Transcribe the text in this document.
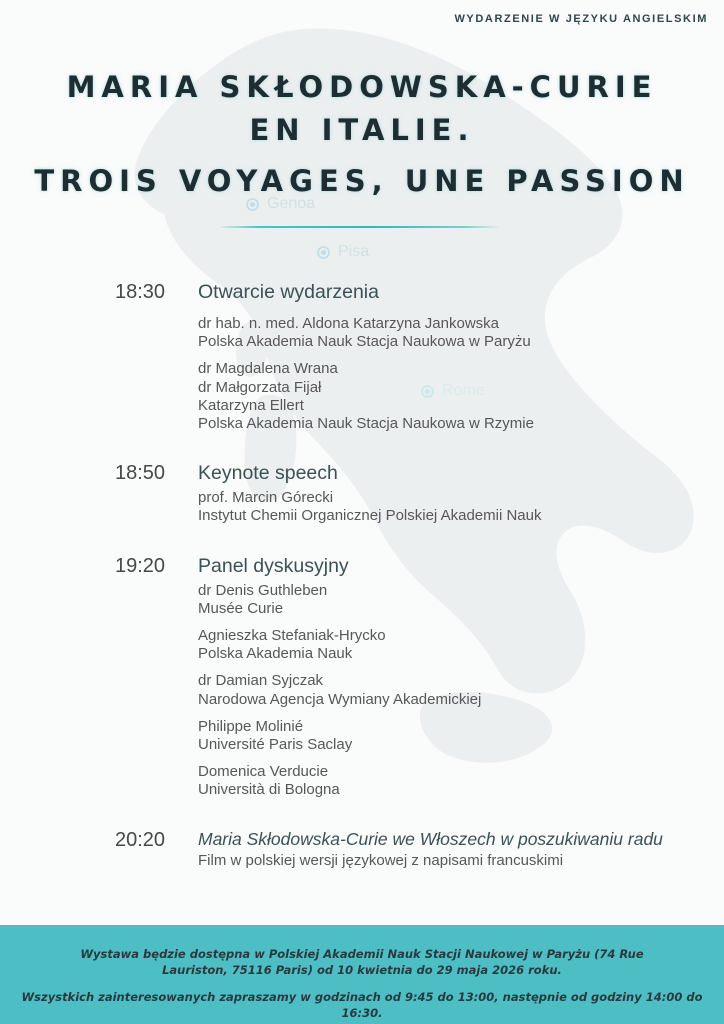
WYDARZENIE W JĘZYKU ANGIELSKIM
MARIA SKŁODOWSKA-CURIE
EN ITALIE.
TROIS VOYAGES, UNE PASSION
Genoa
Pisa
Rome
18:30	Otwarcie wydarzenia
dr hab. n. med. Aldona Katarzyna Jankowska
Polska Akademia Nauk Stacja Naukowa w Paryżu
dr Magdalena Wrana
dr Małgorzata Fijał
Katarzyna Ellert
Polska Akademia Nauk Stacja Naukowa w Rzymie
18:50	Keynote speech
prof. Marcin Górecki
Instytut Chemii Organicznej Polskiej Akademii Nauk
19:20	Panel dyskusyjny
dr Denis Guthleben
Musée Curie
Agnieszka Stefaniak-Hrycko
Polska Akademia Nauk
dr Damian Syjczak
Narodowa Agencja Wymiany Akademickiej
Philippe Molinié
Université Paris Saclay
Domenica Verducie
Università di Bologna
20:20	Maria Skłodowska-Curie we Włoszech w poszukiwaniu radu
Film w polskiej wersji językowej z napisami francuskimi

Wystawa będzie dostępna w Polskiej Akademii Nauk Stacji Naukowej w Paryżu (74 Rue Lauriston, 75116 Paris) od 10 kwietnia do 29 maja 2026 roku.

Wszystkich zainteresowanych zapraszamy w godzinach od 9:45 do 13:00, następnie od godziny 14:00 do 16:30.
